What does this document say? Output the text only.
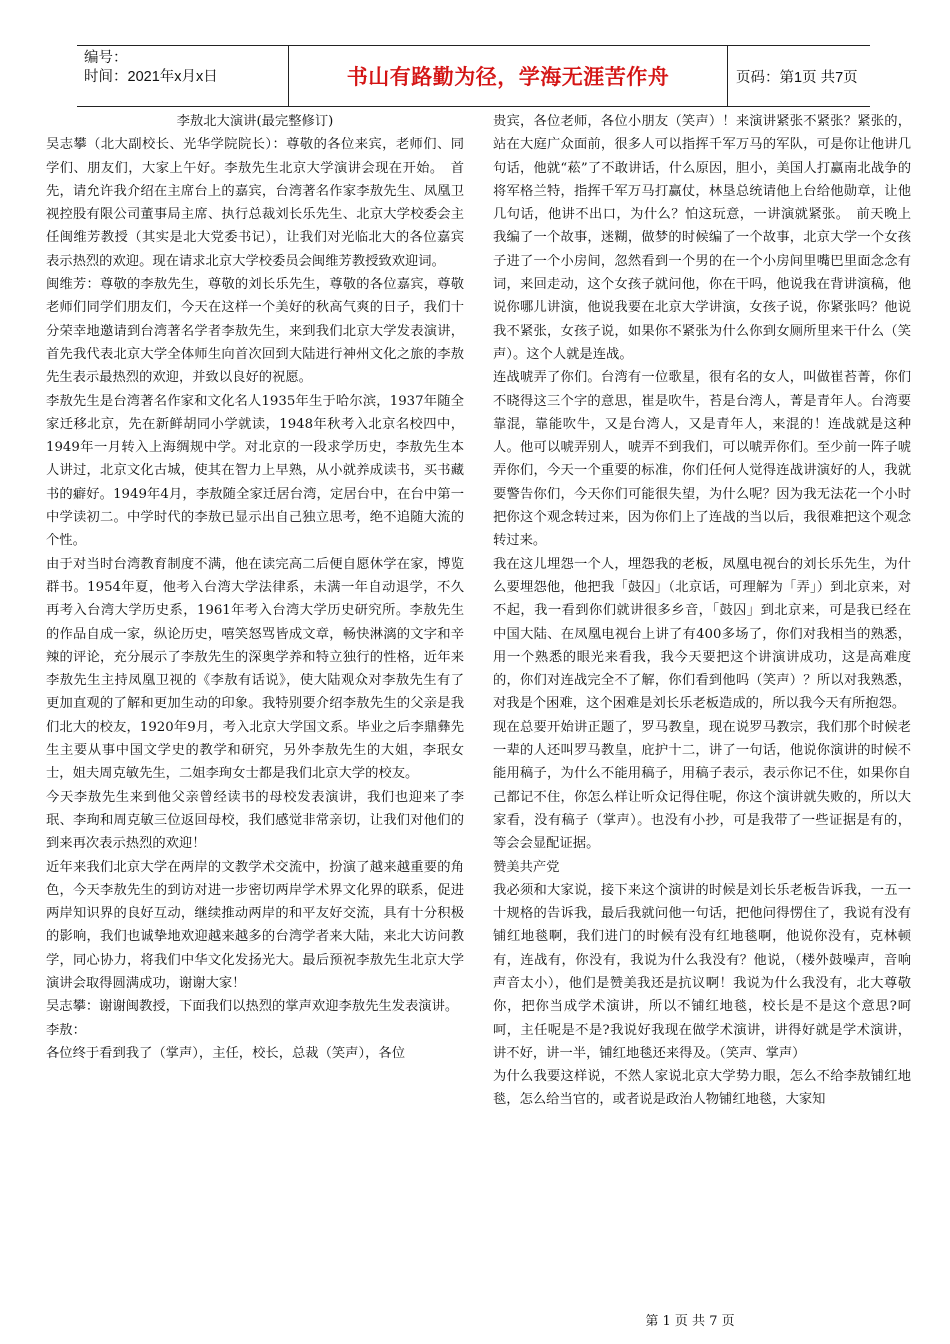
编号：
时间：2021年x月x日	书山有路勤为径，学海无涯苦作舟	页码：第1页 共7页

李敖北大演讲(最完整修订)

吴志攀（北大副校长、光华学院院长）：尊敬的各位来宾，老师们、同学们、朋友们，大家上午好。李敖先生北京大学演讲会现在开始。　首先，请允许我介绍在主席台上的嘉宾，台湾著名作家李敖先生、凤凰卫视控股有限公司董事局主席、执行总裁刘长乐先生、北京大学校委会主任闽维芳教授（其实是北大党委书记），让我们对光临北大的各位嘉宾表示热烈的欢迎。现在请求北京大学校委员会闽维芳教授致欢迎词。

闽维芳：尊敬的李敖先生，尊敬的刘长乐先生，尊敬的各位嘉宾，尊敬老师们同学们朋友们，今天在这样一个美好的秋高气爽的日子，我们十分荣幸地邀请到台湾著名学者李敖先生，来到我们北京大学发表演讲，首先我代表北京大学全体师生向首次回到大陆进行神州文化之旅的李敖先生表示最热烈的欢迎，并致以良好的祝愿。

李敖先生是台湾著名作家和文化名人1935年生于哈尔滨，1937年随全家迁移北京，先在新鲜胡同小学就读，1948年秋考入北京名校四中，1949年一月转入上海绸规中学。对北京的一段求学历史，李敖先生本人讲过，北京文化古城，使其在智力上早熟，从小就养成读书，买书藏书的癖好。1949年4月，李敖随全家迁居台湾，定居台中，在台中第一中学读初二。中学时代的李敖已显示出自己独立思考，绝不追随大流的个性。

由于对当时台湾教育制度不满，他在读完高二后便自愿休学在家，博览群书。1954年夏，他考入台湾大学法律系，未满一年自动退学，不久再考入台湾大学历史系，1961年考入台湾大学历史研究所。李敖先生的作品自成一家，纵论历史，嘻笑怒骂皆成文章，畅快淋漓的文字和辛辣的评论，充分展示了李敖先生的深奥学养和特立独行的性格，近年来李敖先生主持凤凰卫视的《李敖有话说》，使大陆观众对李敖先生有了更加直观的了解和更加生动的印象。我特别要介绍李敖先生的父亲是我们北大的校友，1920年9月，考入北京大学国文系。毕业之后李鼎彝先生主要从事中国文学史的教学和研究，另外李敖先生的大姐，李珉女士，姐夫周克敏先生，二姐李珣女士都是我们北京大学的校友。

今天李敖先生来到他父亲曾经读书的母校发表演讲，我们也迎来了李珉、李珣和周克敏三位返回母校，我们感觉非常亲切，让我们对他们的到来再次表示热烈的欢迎！

近年来我们北京大学在两岸的文教学术交流中，扮演了越来越重要的角色，今天李敖先生的到访对进一步密切两岸学术界文化界的联系，促进两岸知识界的良好互动，继续推动两岸的和平友好交流，具有十分积极的影响，我们也诚挚地欢迎越来越多的台湾学者来大陆，来北大访问教学，同心协力，将我们中华文化发扬光大。最后预祝李敖先生北京大学演讲会取得圆满成功，谢谢大家！

吴志攀：谢谢闽教授，下面我们以热烈的掌声欢迎李敖先生发表演讲。

李敖：

各位终于看到我了（掌声），主任，校长，总裁（笑声），各位

贵宾，各位老师，各位小朋友（笑声）！来演讲紧张不紧张？紧张的，站在大庭广众面前，很多人可以指挥千军万马的军队，可是你让他讲几句话，他就“菘”了不敢讲话，什么原因，胆小，美国人打赢南北战争的将军格兰特，指挥千军万马打赢仗，林垦总统请他上台给他勋章，让他几句话，他讲不出口，为什么？怕这玩意，一讲演就紧张。　前天晚上我编了一个故事，迷糊，做梦的时候编了一个故事，北京大学一个女孩子进了一个小房间，忽然看到一个男的在一个小房间里嘴巴里面念念有词，来回走动，这个女孩子就问他，你在干吗，他说我在背讲演稿，他说你哪儿讲演，他说我要在北京大学讲演，女孩子说，你紧张吗？他说我不紧张，女孩子说，如果你不紧张为什么你到女厕所里来干什么（笑声）。这个人就是连战。

连战唬弄了你们。台湾有一位歌星，很有名的女人，叫做崔苔菁，你们不晓得这三个字的意思，崔是吹牛，苔是台湾人，菁是青年人。台湾要靠混，靠能吹牛，又是台湾人，又是青年人，来混的！连战就是这种人。他可以唬弄别人，唬弄不到我们，可以唬弄你们。至少前一阵子唬弄你们，今天一个重要的标准，你们任何人觉得连战讲演好的人，我就要警告你们，今天你们可能很失望，为什么呢？因为我无法花一个小时把你这个观念转过来，因为你们上了连战的当以后，我很难把这个观念转过来。

我在这儿埋怨一个人，埋怨我的老板，凤凰电视台的刘长乐先生，为什么要埋怨他，他把我「鼓囚」（北京话，可理解为「弄」）到北京来，对不起，我一看到你们就讲很多乡音，「鼓囚」到北京来，可是我已经在中国大陆、在凤凰电视台上讲了有400多场了，你们对我相当的熟悉，用一个熟悉的眼光来看我，我今天要把这个讲演讲成功，这是高难度的，你们对连战完全不了解，你们看到他吗（笑声）？所以对我熟悉，对我是个困难，这个困难是刘长乐老板造成的，所以我今天有所抱怨。

现在总要开始讲正题了，罗马教皇，现在说罗马教宗，我们那个时候老一辈的人还叫罗马教皇，庇护十二，讲了一句话，他说你演讲的时候不能用稿子，为什么不能用稿子，用稿子表示，表示你记不住，如果你自己都记不住，你怎么样让听众记得住呢，你这个演讲就失败的，所以大家看，没有稿子（掌声）。也没有小抄，可是我带了一些证据是有的，等会会显配证据。

赞美共产党

我必须和大家说，接下来这个演讲的时候是刘长乐老板告诉我，一五一十规格的告诉我，最后我就问他一句话，把他问得愣住了，我说有没有铺红地毯啊，我们进门的时候有没有红地毯啊，他说你没有，克林顿有，连战有，你没有，我说为什么我没有？他说，（楼外鼓噪声，音响声音太小），他们是赞美我还是抗议啊！我说为什么我没有，北大尊敬你，把你当成学术演讲，所以不铺红地毯，校长是不是这个意思?呵呵，主任呢是不是?我说好我现在做学术演讲，讲得好就是学术演讲，讲不好，讲一半，铺红地毯还来得及。（笑声、掌声）

为什么我要这样说，不然人家说北京大学势力眼，怎么不给李敖铺红地毯，怎么给当官的，或者说是政治人物铺红地毯，大家知

第 1 页 共 7 页
